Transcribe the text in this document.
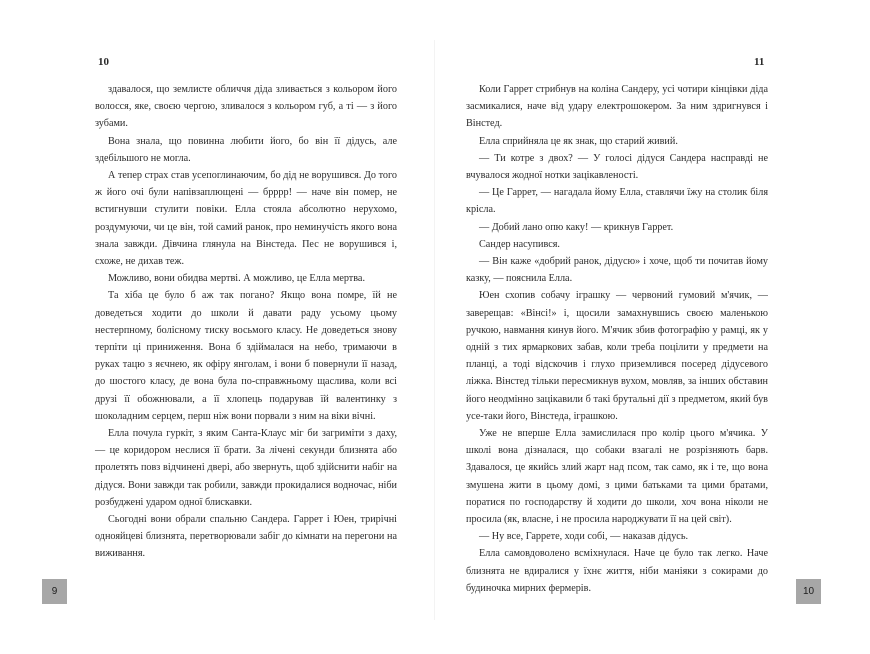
10

здавалося, що землисте обличчя діда зливається з кольором його волосся, яке, своєю чергою, зливалося з кольором губ, а ті — з його зубами.

Вона знала, що повинна любити його, бо він її дідусь, але здебільшого не могла.

А тепер страх став усепоглинаючим, бо дід не ворушився. До того ж його очі були напівзаплющені — брррр! — наче він помер, не встигнувши стулити повіки. Елла стояла абсолютно нерухомо, роздумуючи, чи це він, той самий ранок, про неминучість якого вона знала завжди. Дівчина глянула на Вінстеда. Пес не ворушився і, схоже, не дихав теж.

Можливо, вони обидва мертві. А можливо, це Елла мертва.

Та хіба це було б аж так погано? Якщо вона помре, їй не доведеться ходити до школи й давати раду усьому цьому нестерпному, болісному тиску восьмого класу. Не доведеться знову терпіти ці приниження. Вона б здіймалася на небо, тримаючи в руках тацю з яєчнею, як офіру янголам, і вони б повернули її назад, до шостого класу, де вона була по-справжньому щаслива, коли всі друзі її обожнювали, а її хлопець подарував їй валентинку з шоколадним серцем, перш ніж вони порвали з ним на віки вічні.

Елла почула гуркіт, з яким Санта-Клаус міг би загриміти з даху, — це коридором неслися її брати. За лічені секунди близнята або пролетять повз відчинені двері, або звернуть, щоб здійснити набіг на дідуся. Вони завжди так робили, завжди прокидалися водночас, ніби розбуджені ударом одної блискавки.

Сьогодні вони обрали спальню Сандера. Гаррет і Юен, трирічні однояйцеві близнята, перетворювали забіг до кімнати на перегони на виживання.

9
11

Коли Гаррет стрибнув на коліна Сандеру, усі чотири кінцівки діда засмикалися, наче від удару електрошокером. За ним здригнувся і Вінстед.

Елла сприйняла це як знак, що старий живий.

— Ти котре з двох? — У голосі дідуся Сандера насправді не вчувалося жодної нотки зацікавленості.

— Це Гаррет, — нагадала йому Елла, ставлячи їжу на столик біля крісла.

— Добий лано опю каку! — крикнув Гаррет.

Сандер насупився.

— Він каже «добрий ранок, дідусю» і хоче, щоб ти почитав йому казку, — пояснила Елла.

Юен схопив собачу іграшку — червоний гумовий м'ячик, — заверещав: «Вінсі!» і, щосили замахнувшись своєю маленькою ручкою, навмання кинув його. М'ячик збив фотографію у рамці, як у одній з тих ярмаркових забав, коли треба поцілити у предмети на планці, а тоді відскочив і глухо приземлився посеред дідусевого ліжка. Вінстед тільки пересмикнув вухом, мовляв, за інших обставин його неодмінно зацікавили б такі брутальні дії з предметом, який був усе-таки його, Вінстеда, іграшкою.

Уже не вперше Елла замислилася про колір цього м'ячика. У школі вона дізналася, що собаки взагалі не розрізняють барв. Здавалося, це якийсь злий жарт над псом, так само, як і те, що вона змушена жити в цьому домі, з цими батьками та цими братами, поратися по господарству й ходити до школи, хоч вона ніколи не просила (як, власне, і не просила народжувати її на цей світ).

— Ну все, Гаррете, ходи собі, — наказав дідусь.

Елла самовдоволено всміхнулася. Наче це було так легко. Наче близнята не вдиралися у їхнє життя, ніби маніяки з сокирами до будиночка мирних фермерів.	10
